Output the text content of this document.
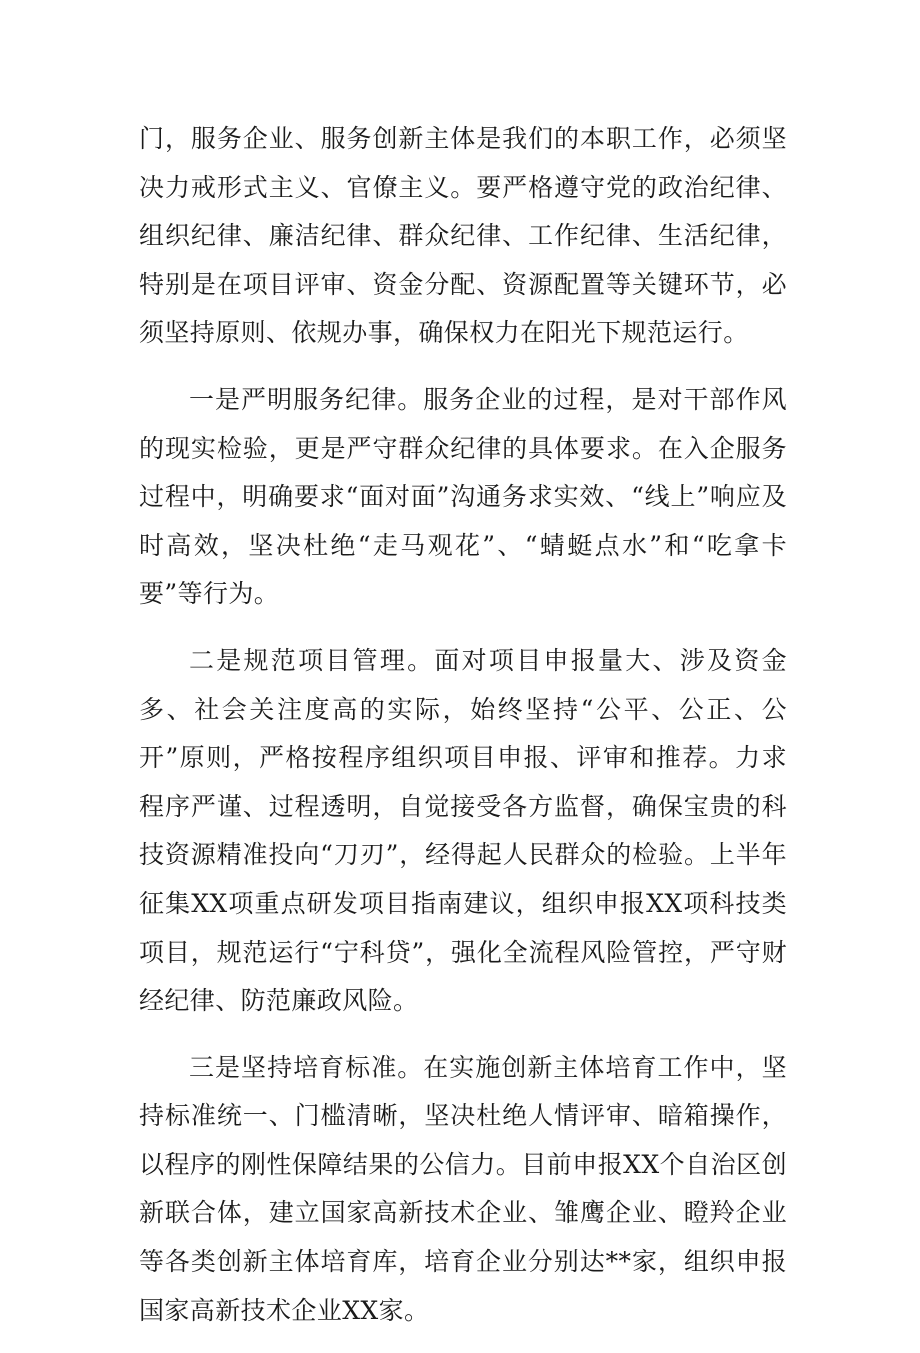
门，服务企业、服务创新主体是我们的本职工作，必须坚决力戒形式主义、官僚主义。要严格遵守党的政治纪律、组织纪律、廉洁纪律、群众纪律、工作纪律、生活纪律，特别是在项目评审、资金分配、资源配置等关键环节，必须坚持原则、依规办事，确保权力在阳光下规范运行。

一是严明服务纪律。服务企业的过程，是对干部作风的现实检验，更是严守群众纪律的具体要求。在入企服务过程中，明确要求“面对面”沟通务求实效、“线上”响应及时高效，坚决杜绝“走马观花”、“蜻蜓点水”和“吃拿卡要”等行为。

二是规范项目管理。面对项目申报量大、涉及资金多、社会关注度高的实际，始终坚持“公平、公正、公开”原则，严格按程序组织项目申报、评审和推荐。力求程序严谨、过程透明，自觉接受各方监督，确保宝贵的科技资源精准投向“刀刃”，经得起人民群众的检验。上半年征集XX项重点研发项目指南建议，组织申报XX项科技类项目，规范运行“宁科贷”，强化全流程风险管控，严守财经纪律、防范廉政风险。

三是坚持培育标准。在实施创新主体培育工作中，坚持标准统一、门槛清晰，坚决杜绝人情评审、暗箱操作，以程序的刚性保障结果的公信力。目前申报XX个自治区创新联合体，建立国家高新技术企业、雏鹰企业、瞪羚企业等各类创新主体培育库，培育企业分别达**家，组织申报国家高新技术企业XX家。
